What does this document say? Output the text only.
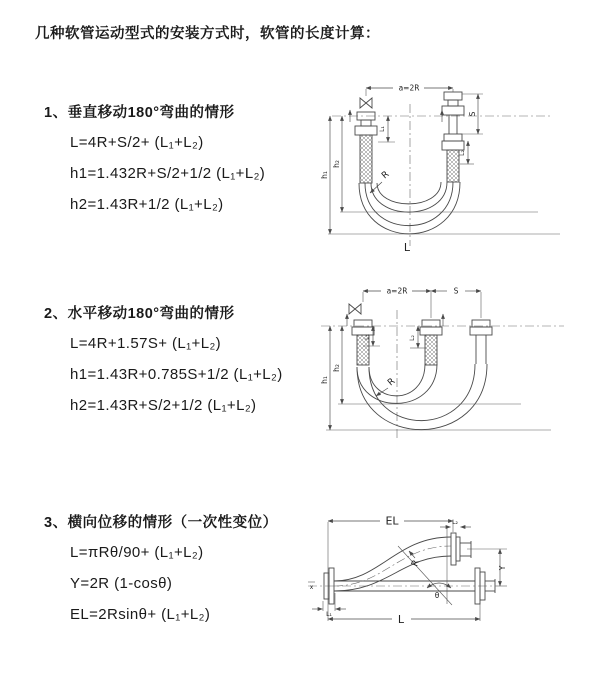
几种软管运动型式的安装方式时，软管的长度计算：
1、垂直移动180°弯曲的情形
L=4R+S/2+ (L₁+L₂)
h1=1.432R+S/2+1/2 (L₁+L₂)
h2=1.43R+1/2 (L₁+L₂)
2、水平移动180°弯曲的情形
L=4R+1.57S+ (L₁+L₂)
h1=1.43R+0.785S+1/2 (L₁+L₂)
h2=1.43R+S/2+1/2 (L₁+L₂)
3、横向位移的情形（一次性变位）
L=πRθ/90+ (L₁+L₂)
Y=2R (1-cosθ)
EL=2Rsinθ+ (L₁+L₂)
a=2R
h₁
h₂
S
L₁
L₂
R
L
a=2R	S
h₁
h₂
L₁	L₂
R
EL	L₂
Y
θ
R
x
L₁	L
